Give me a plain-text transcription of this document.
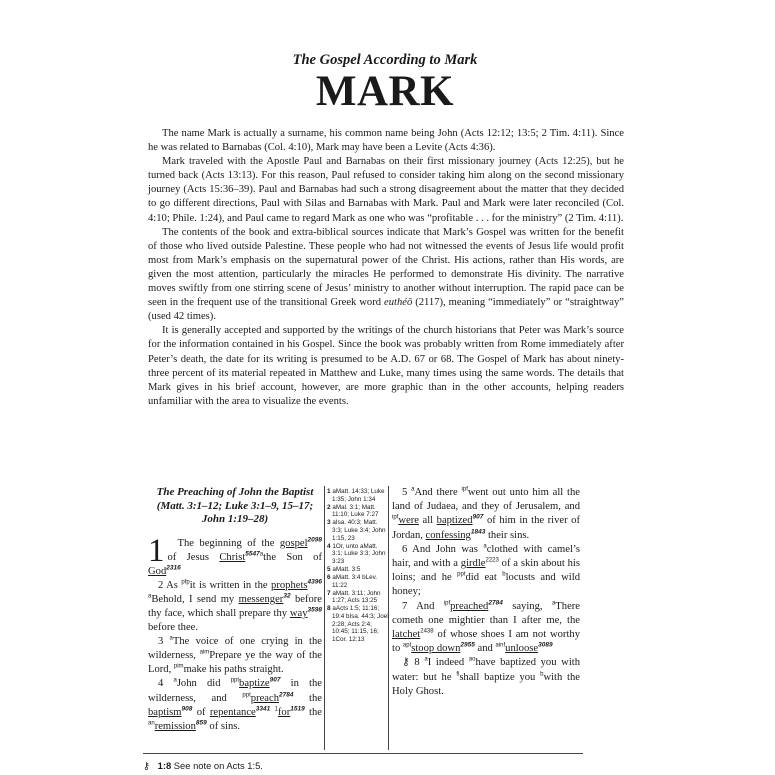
The Gospel According to Mark
MARK

The name Mark is actually a surname, his common name being John (Acts 12:12; 13:5; 2 Tim. 4:11). Since he was related to Barnabas (Col. 4:10), Mark may have been a Levite (Acts 4:36).

Mark traveled with the Apostle Paul and Barnabas on their first missionary journey (Acts 12:25), but he turned back (Acts 13:13). For this reason, Paul refused to consider taking him along on the second missionary journey (Acts 15:36–39). Paul and Barnabas had such a strong disagreement about the matter that they decided to go different directions, Paul with Silas and Barnabas with Mark. Paul and Mark were later reconciled (Col. 4:10; Phile. 1:24), and Paul came to regard Mark as one who was “profitable . . . for the ministry” (2 Tim. 4:11).

The contents of the book and extra-biblical sources indicate that Mark’s Gospel was written for the benefit of those who lived outside Palestine. These people who had not witnessed the events of Jesus life would profit most from Mark’s emphasis on the supernatural power of the Christ. His actions, rather than His words, are given the most attention, particularly the miracles He performed to demonstrate His divinity. The narrative moves swiftly from one stirring scene of Jesus’ ministry to another without interruption. The rapid pace can be seen in the frequent use of the transitional Greek word euthéō (2117), meaning “immediately” or “straightway” (used 42 times).

It is generally accepted and supported by the writings of the church historians that Peter was Mark’s source for the information contained in his Gospel. Since the book was probably written from Rome immediately after Peter’s death, the date for its writing is presumed to be A.D. 67 or 68. The Gospel of Mark has about ninety-three percent of its material repeated in Matthew and Luke, many times using the same words. The details that Mark gives in his brief account, however, are more graphic than in the other accounts, helping readers unfamiliar with the area to visualize the events.

The Preaching of John the Baptist (Matt. 3:1–12; Luke 3:1–9, 15–17; John 1:19–28)

1 The beginning of the gospel$^{2098}$ of Jesus Christ$^{5547a}$the Son of God$^{2316}$

2 As $^{pfp}$it is written in the prophets$^{4396}$ $^a$Behold, I send my messenger$^{32}$ before thy face, which shall prepare thy way$^{3598}$ before thee.

3 $^a$The voice of one crying in the wilderness, $^{aim}$Prepare ye the way of the Lord, $^{pim}$make his paths straight.

4 $^a$John did $^{ppt}$baptize$^{907}$ in the wilderness, and $^{ppt}$preach$^{2784}$ the baptism$^{908}$ of repentance$^{3341}$ $^1$for$^{1519}$ the $^{an}$remission$^{859}$ of sins.

1 aMatt. 14:33; Luke 1:35; John 1:34

2 aMal. 3:1; Matt. 11:10; Luke 7:27

3 aIsa. 40:3; Matt. 3:3; Luke 3:4; John 1:15, 23

4 1Or, unto aMatt. 3:1; Luke 3:3; John 3:23

5 aMatt. 3:5

6 aMatt. 3:4 bLev. 11:22

7 aMatt. 3:11; John 1:27; Acts 13:25

8 aActs 1:5; 11:16; 19:4 bIsa. 44:3; Joel 2:28; Acts 2:4; 10:45; 11:15, 16; 1Cor. 12:13

5 $^a$And there $^{ipf}$went out unto him all the land of Judaea, and they of Jerusalem, and $^{ipf}$were all baptized$^{907}$ of him in the river of Jordan, confessing$^{1843}$ their sins.

6 And John was $^a$clothed with camel’s hair, and with a girdle$^{2223}$ of a skin about his loins; and he $^{ppt}$did eat $^b$locusts and wild honey;

7 And $^{ipf}$preached$^{2784}$ saying, $^a$There cometh one mightier than I after me, the latchet$^{2438}$ of whose shoes I am not worthy to $^{apt}$stoop down$^{2955}$ and $^{ainf}$unloose$^{3089}$

⚷ 8 $^a$I indeed $^{ao}$have baptized you with water: but he $^{fi}$shall baptize you $^b$with the Holy Ghost.

⚷ 1:8 See note on Acts 1:5.
